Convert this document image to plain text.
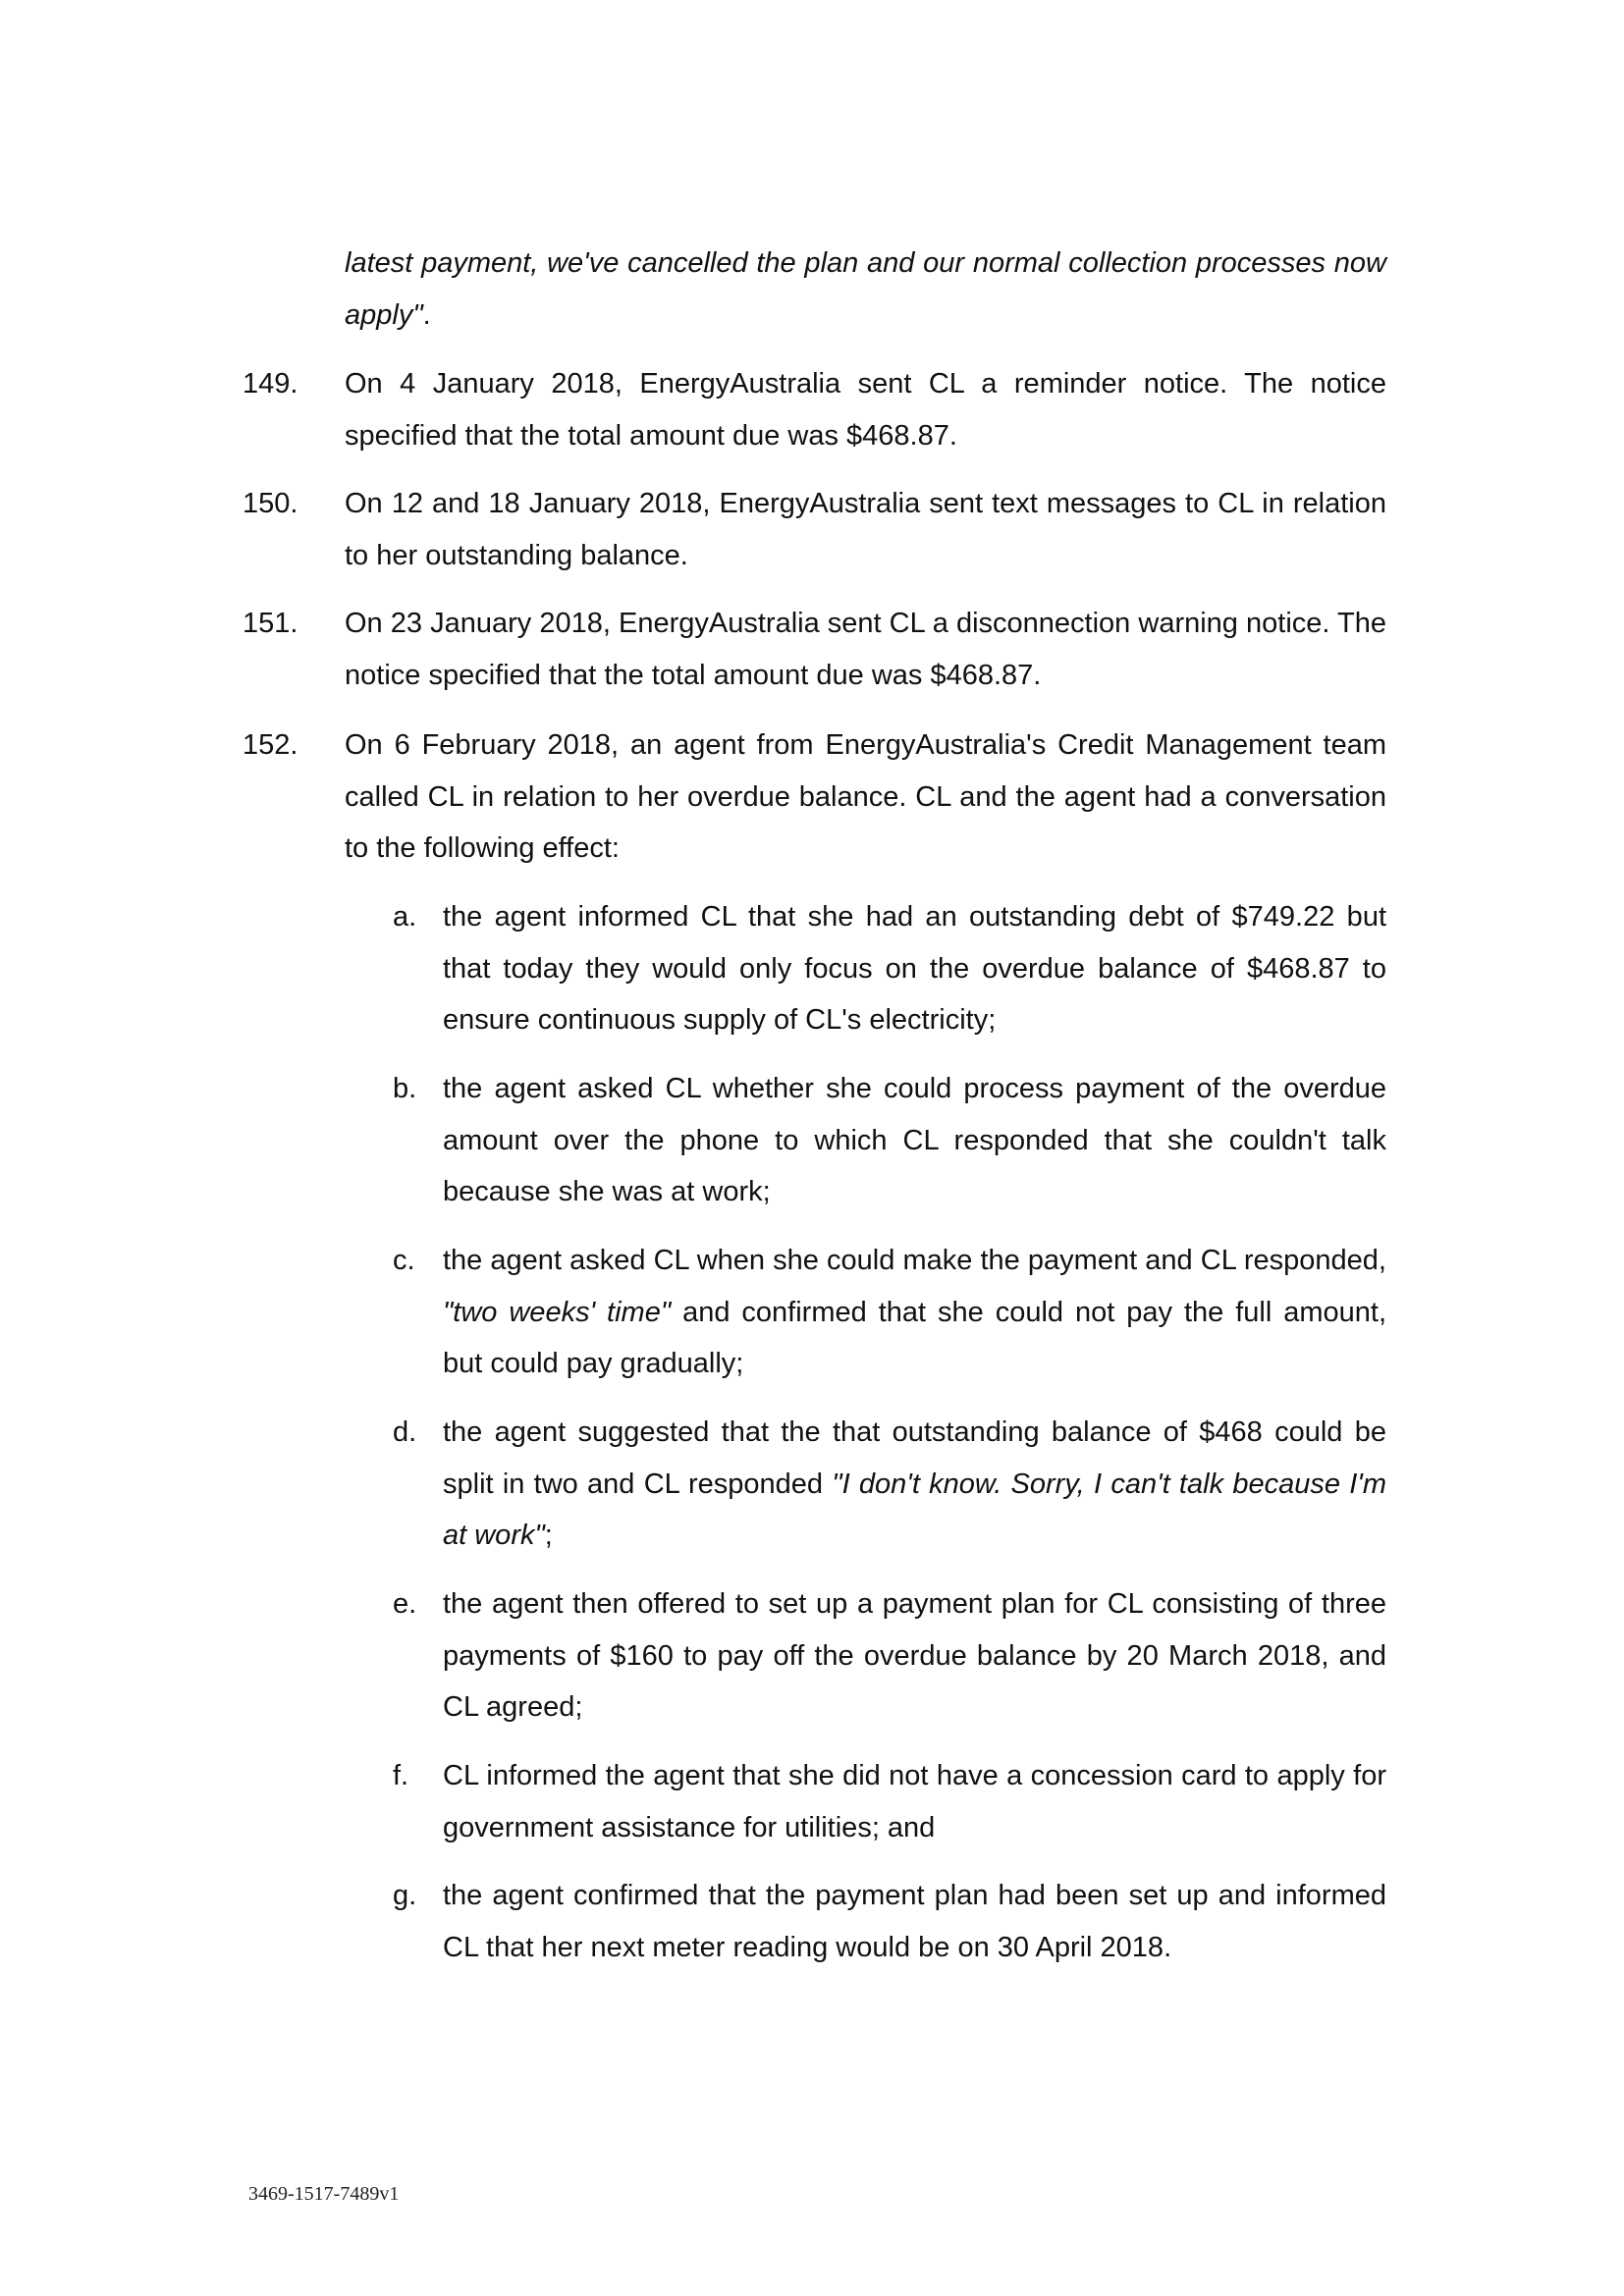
latest payment, we've cancelled the plan and our normal collection processes now apply".
149.	On 4 January 2018, EnergyAustralia sent CL a reminder notice. The notice specified that the total amount due was $468.87.
150.	On 12 and 18 January 2018, EnergyAustralia sent text messages to CL in relation to her outstanding balance.
151.	On 23 January 2018, EnergyAustralia sent CL a disconnection warning notice. The notice specified that the total amount due was $468.87.
152.	On 6 February 2018, an agent from EnergyAustralia's Credit Management team called CL in relation to her overdue balance. CL and the agent had a conversation to the following effect:
a. the agent informed CL that she had an outstanding debt of $749.22 but that today they would only focus on the overdue balance of $468.87 to ensure continuous supply of CL's electricity;
b. the agent asked CL whether she could process payment of the overdue amount over the phone to which CL responded that she couldn't talk because she was at work;
c. the agent asked CL when she could make the payment and CL responded, "two weeks' time" and confirmed that she could not pay the full amount, but could pay gradually;
d. the agent suggested that the that outstanding balance of $468 could be split in two and CL responded "I don't know. Sorry, I can't talk because I'm at work";
e. the agent then offered to set up a payment plan for CL consisting of three payments of $160 to pay off the overdue balance by 20 March 2018, and CL agreed;
f.	CL informed the agent that she did not have a concession card to apply for government assistance for utilities; and
g. the agent confirmed that the payment plan had been set up and informed CL that her next meter reading would be on 30 April 2018.
3469-1517-7489v1
